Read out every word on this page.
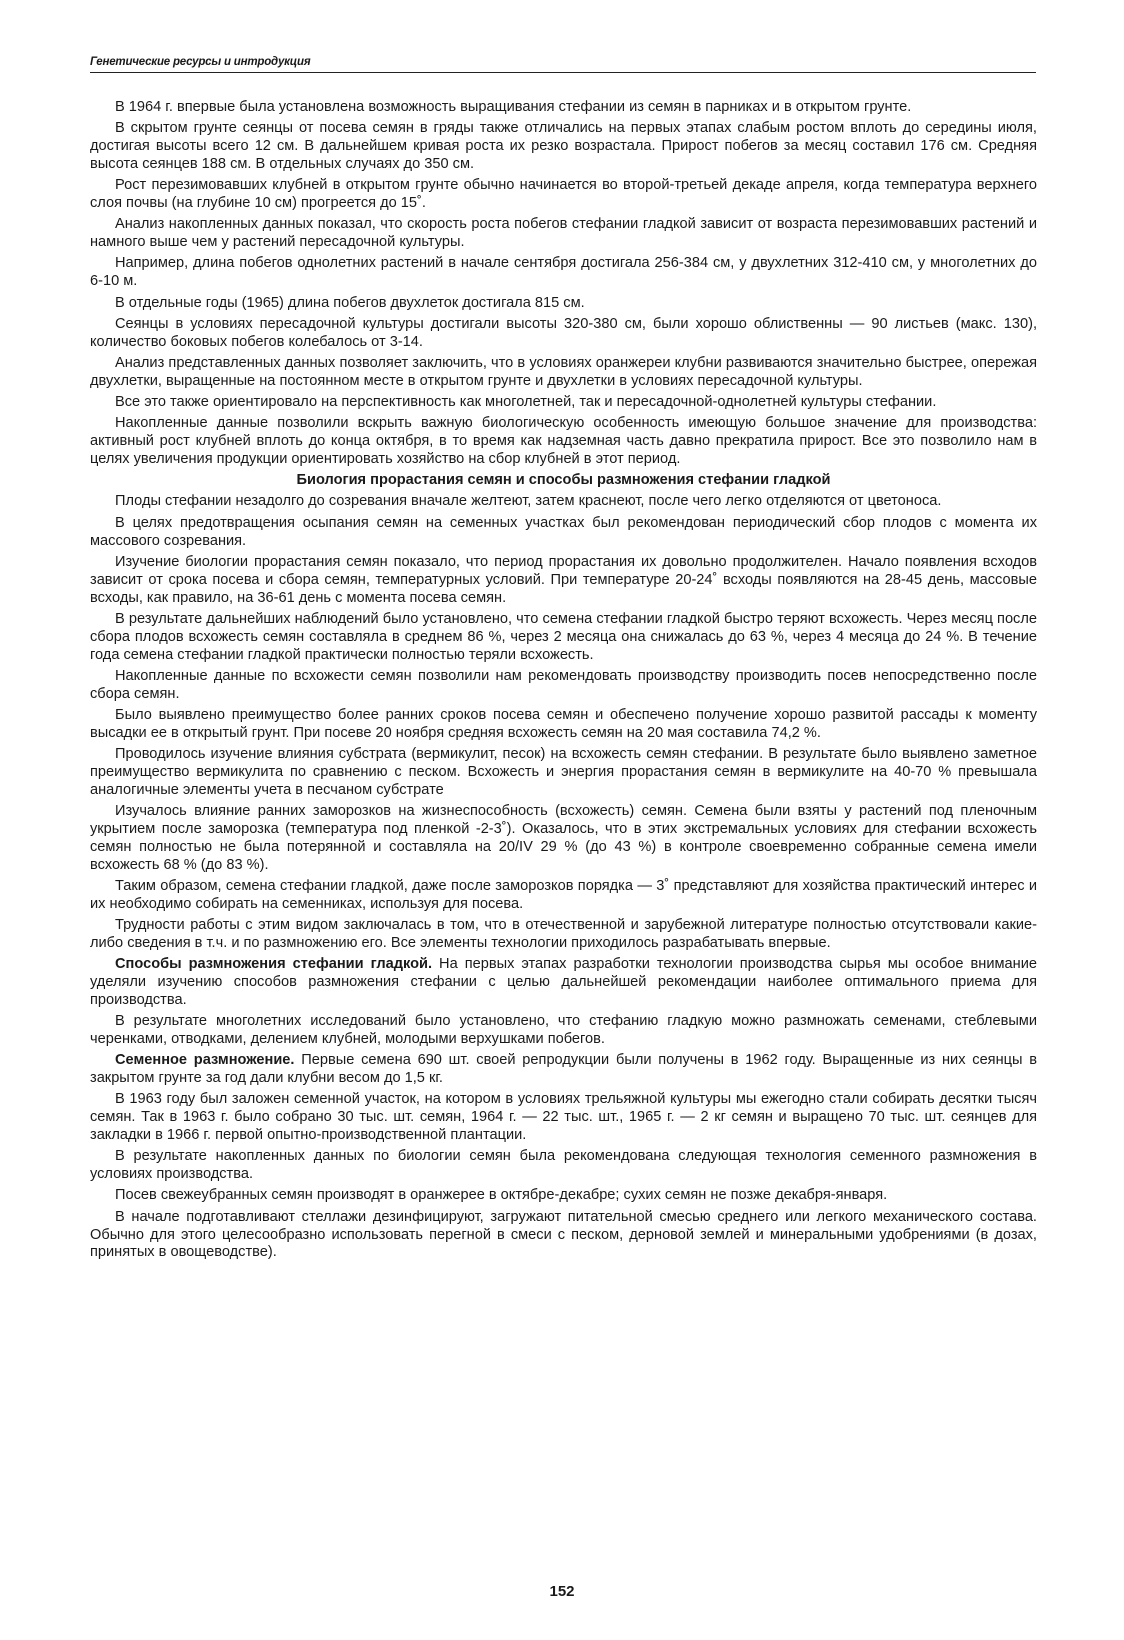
Генетические ресурсы и интродукция

В 1964 г. впервые была установлена возможность выращивания стефании из семян в парниках и в открытом грунте.

В скрытом грунте сеянцы от посева семян в гряды также отличались на первых этапах слабым ростом вплоть до середины июля, достигая высоты всего 12 см. В дальнейшем кривая роста их резко возрастала. Прирост побегов за месяц составил 176 см. Средняя высота сеянцев 188 см. В отдельных случаях до 350 см.

Рост перезимовавших клубней в открытом грунте обычно начинается во второй-третьей декаде апреля, когда температура верхнего слоя почвы (на глубине 10 см) прогреется до 15˚.

Анализ накопленных данных показал, что скорость роста побегов стефании гладкой зависит от возраста перезимовавших растений и намного выше чем у растений пересадочной культуры.

Например, длина побегов однолетних растений в начале сентября достигала 256-384 см, у двухлетних 312-410 см, у многолетних до 6-10 м.

В отдельные годы (1965) длина побегов двухлеток достигала 815 см.

Сеянцы в условиях пересадочной культуры достигали высоты 320-380 см, были хорошо облиственны — 90 листьев (макс. 130), количество боковых побегов колебалось от 3-14.

Анализ представленных данных позволяет заключить, что в условиях оранжереи клубни развиваются значительно быстрее, опережая двухлетки, выращенные на постоянном месте в открытом грунте и двухлетки в условиях пересадочной культуры.

Все это также ориентировало на перспективность как многолетней, так и пересадочной-однолетней культуры стефании.

Накопленные данные позволили вскрыть важную биологическую особенность имеющую большое значение для производства: активный рост клубней вплоть до конца октября, в то время как надземная часть давно прекратила прирост. Все это позволило нам в целях увеличения продукции ориентировать хозяйство на сбор клубней в этот период.

Биология прорастания семян и способы размножения стефании гладкой

Плоды стефании незадолго до созревания вначале желтеют, затем краснеют, после чего легко отделяются от цветоноса.

В целях предотвращения осыпания семян на семенных участках был рекомендован периодический сбор плодов с момента их массового созревания.

Изучение биологии прорастания семян показало, что период прорастания их довольно продолжителен. Начало появления всходов зависит от срока посева и сбора семян, температурных условий. При температуре 20-24˚ всходы появляются на 28-45 день, массовые всходы, как правило, на 36-61 день с момента посева семян.

В результате дальнейших наблюдений было установлено, что семена стефании гладкой быстро теряют всхожесть. Через месяц после сбора плодов всхожесть семян составляла в среднем 86 %, через 2 месяца она снижалась до 63 %, через 4 месяца до 24 %. В течение года семена стефании гладкой практически полностью теряли всхожесть.

Накопленные данные по всхожести семян позволили нам рекомендовать производству производить посев непосредственно после сбора семян.

Было выявлено преимущество более ранних сроков посева семян и обеспечено получение хорошо развитой рассады к моменту высадки ее в открытый грунт. При посеве 20 ноября средняя всхожесть семян на 20 мая составила 74,2 %.

Проводилось изучение влияния субстрата (вермикулит, песок) на всхожесть семян стефании. В результате было выявлено заметное преимущество вермикулита по сравнению с песком. Всхожесть и энергия прорастания семян в вермикулите на 40-70 % превышала аналогичные элементы учета в песчаном субстрате

Изучалось влияние ранних заморозков на жизнеспособность (всхожесть) семян. Семена были взяты у растений под пленочным укрытием после заморозка (температура под пленкой -2-3˚). Оказалось, что в этих экстремальных условиях для стефании всхожесть семян полностью не была потерянной и составляла на 20/IV 29 % (до 43 %) в контроле своевременно собранные семена имели всхожесть 68 % (до 83 %).

Таким образом, семена стефании гладкой, даже после заморозков порядка — 3˚ представляют для хозяйства практический интерес и их необходимо собирать на семенниках, используя для посева.

Трудности работы с этим видом заключалась в том, что в отечественной и зарубежной литературе полностью отсутствовали какие-либо сведения в т.ч. и по размножению его. Все элементы технологии приходилось разрабатывать впервые.

Способы размножения стефании гладкой. На первых этапах разработки технологии производства сырья мы особое внимание уделяли изучению способов размножения стефании с целью дальнейшей рекомендации наиболее оптимального приема для производства.

В результате многолетних исследований было установлено, что стефанию гладкую можно размножать семенами, стеблевыми черенками, отводками, делением клубней, молодыми верхушками побегов.

Семенное размножение. Первые семена 690 шт. своей репродукции были получены в 1962 году. Выращенные из них сеянцы в закрытом грунте за год дали клубни весом до 1,5 кг.

В 1963 году был заложен семенной участок, на котором в условиях трельяжной культуры мы ежегодно стали собирать десятки тысяч семян. Так в 1963 г. было собрано 30 тыс. шт. семян, 1964 г. — 22 тыс. шт., 1965 г. — 2 кг семян и выращено 70 тыс. шт. сеянцев для закладки в 1966 г. первой опытно-производственной плантации.

В результате накопленных данных по биологии семян была рекомендована следующая технология семенного размножения в условиях производства.

Посев свежеубранных семян производят в оранжерее в октябре-декабре; сухих семян не позже декабря-января.

В начале подготавливают стеллажи дезинфицируют, загружают питательной смесью среднего или легкого механического состава. Обычно для этого целесообразно использовать перегной в смеси с песком, дерновой землей и минеральными удобрениями (в дозах, принятых в овощеводстве).

152
